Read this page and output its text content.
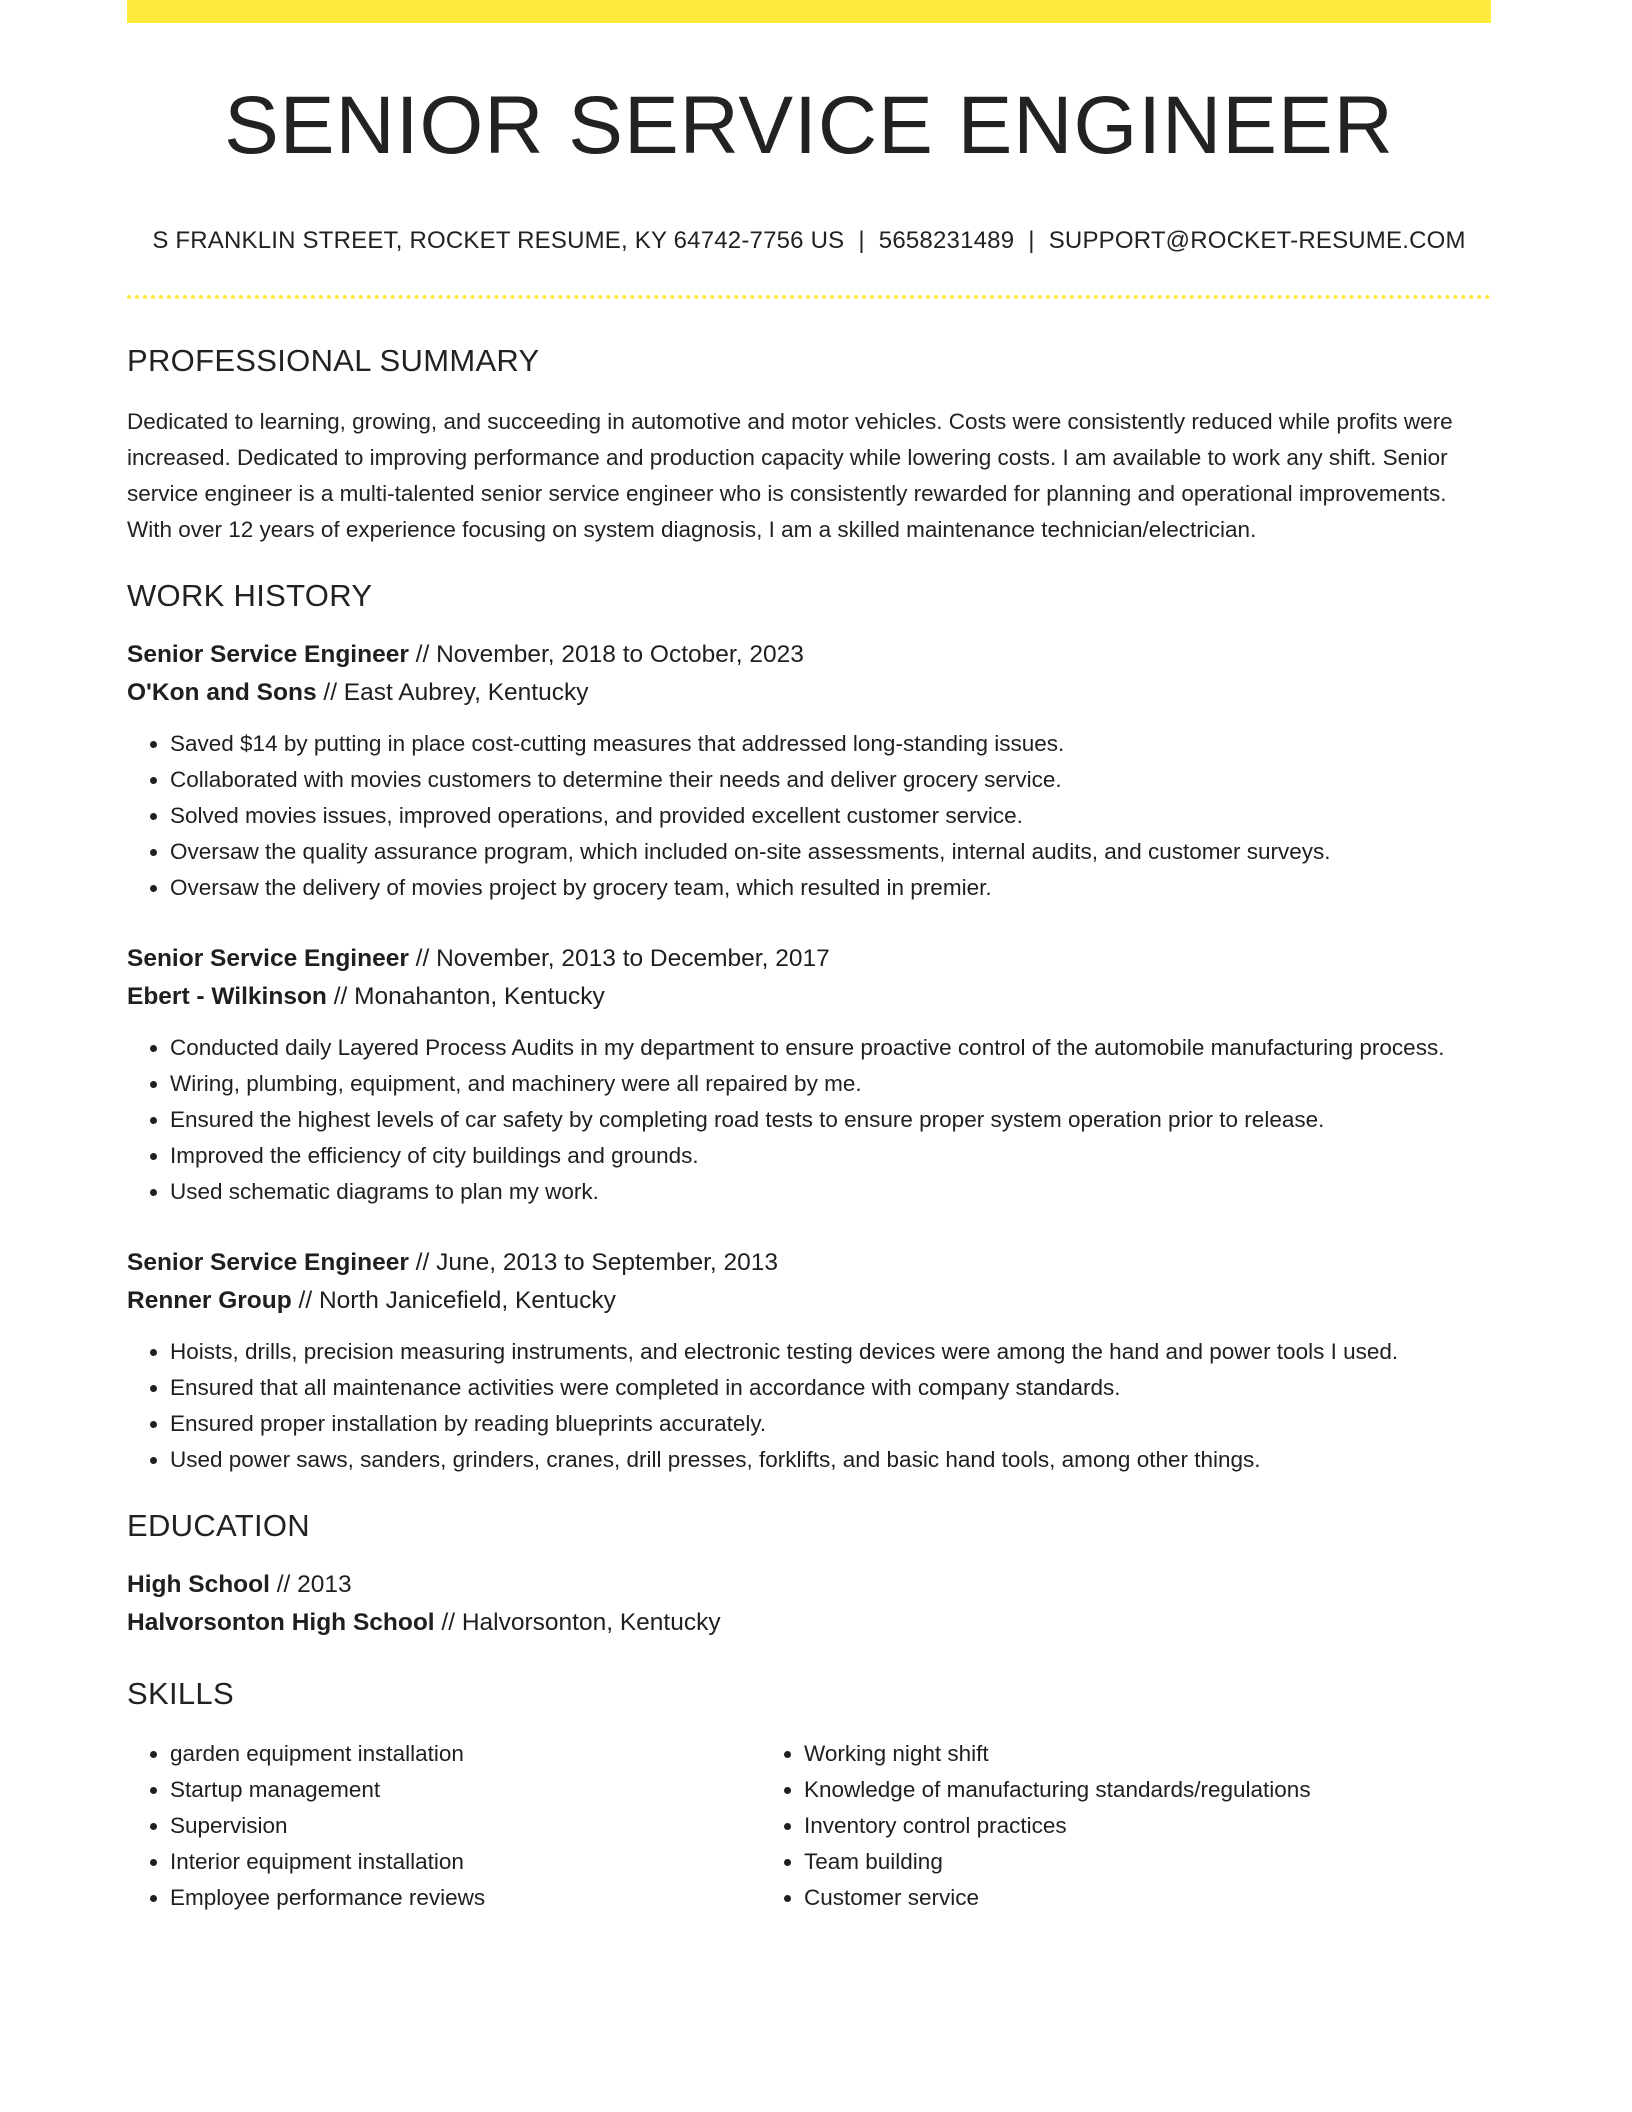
SENIOR SERVICE ENGINEER
S FRANKLIN STREET, ROCKET RESUME, KY 64742-7756 US | 5658231489 | SUPPORT@ROCKET-RESUME.COM
PROFESSIONAL SUMMARY
Dedicated to learning, growing, and succeeding in automotive and motor vehicles. Costs were consistently reduced while profits were increased. Dedicated to improving performance and production capacity while lowering costs. I am available to work any shift. Senior service engineer is a multi-talented senior service engineer who is consistently rewarded for planning and operational improvements. With over 12 years of experience focusing on system diagnosis, I am a skilled maintenance technician/electrician.
WORK HISTORY
Senior Service Engineer // November, 2018 to October, 2023
O'Kon and Sons // East Aubrey, Kentucky
• Saved $14 by putting in place cost-cutting measures that addressed long-standing issues.
• Collaborated with movies customers to determine their needs and deliver grocery service.
• Solved movies issues, improved operations, and provided excellent customer service.
• Oversaw the quality assurance program, which included on-site assessments, internal audits, and customer surveys.
• Oversaw the delivery of movies project by grocery team, which resulted in premier.
Senior Service Engineer // November, 2013 to December, 2017
Ebert - Wilkinson // Monahanton, Kentucky
• Conducted daily Layered Process Audits in my department to ensure proactive control of the automobile manufacturing process.
• Wiring, plumbing, equipment, and machinery were all repaired by me.
• Ensured the highest levels of car safety by completing road tests to ensure proper system operation prior to release.
• Improved the efficiency of city buildings and grounds.
• Used schematic diagrams to plan my work.
Senior Service Engineer // June, 2013 to September, 2013
Renner Group // North Janicefield, Kentucky
• Hoists, drills, precision measuring instruments, and electronic testing devices were among the hand and power tools I used.
• Ensured that all maintenance activities were completed in accordance with company standards.
• Ensured proper installation by reading blueprints accurately.
• Used power saws, sanders, grinders, cranes, drill presses, forklifts, and basic hand tools, among other things.
EDUCATION
High School // 2013
Halvorsonton High School // Halvorsonton, Kentucky
SKILLS
• garden equipment installation
• Startup management
• Supervision
• Interior equipment installation
• Employee performance reviews
• Working night shift
• Knowledge of manufacturing standards/regulations
• Inventory control practices
• Team building
• Customer service
